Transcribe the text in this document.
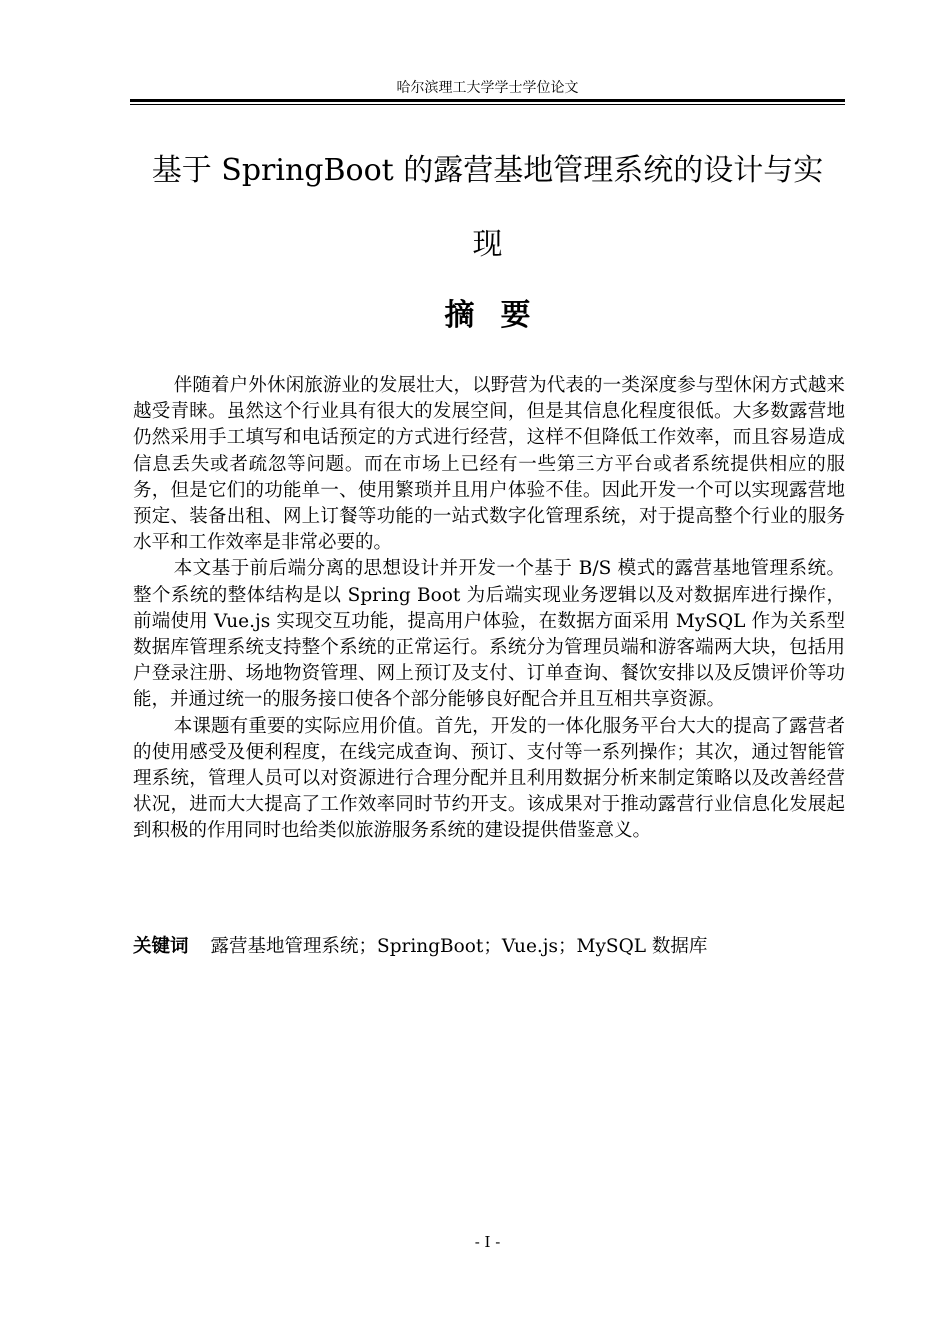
哈尔滨理工大学学士学位论文
基于 SpringBoot 的露营基地管理系统的设计与实
现
摘要

伴随着户外休闲旅游业的发展壮大，以野营为代表的一类深度参与型休闲方式越来越受青睐。虽然这个行业具有很大的发展空间，但是其信息化程度很低。大多数露营地仍然采用手工填写和电话预定的方式进行经营，这样不但降低工作效率，而且容易造成信息丢失或者疏忽等问题。而在市场上已经有一些第三方平台或者系统提供相应的服务，但是它们的功能单一、使用繁琐并且用户体验不佳。因此开发一个可以实现露营地预定、装备出租、网上订餐等功能的一站式数字化管理系统，对于提高整个行业的服务水平和工作效率是非常必要的。

本文基于前后端分离的思想设计并开发一个基于 B/S 模式的露营基地管理系统。整个系统的整体结构是以 Spring Boot 为后端实现业务逻辑以及对数据库进行操作，前端使用 Vue.js 实现交互功能，提高用户体验，在数据方面采用 MySQL 作为关系型数据库管理系统支持整个系统的正常运行。系统分为管理员端和游客端两大块，包括用户登录注册、场地物资管理、网上预订及支付、订单查询、餐饮安排以及反馈评价等功能，并通过统一的服务接口使各个部分能够良好配合并且互相共享资源。

本课题有重要的实际应用价值。首先，开发的一体化服务平台大大的提高了露营者的使用感受及便利程度，在线完成查询、预订、支付等一系列操作；其次，通过智能管理系统，管理人员可以对资源进行合理分配并且利用数据分析来制定策略以及改善经营状况，进而大大提高了工作效率同时节约开支。该成果对于推动露营行业信息化发展起到积极的作用同时也给类似旅游服务系统的建设提供借鉴意义。

关键词 露营基地管理系统；SpringBoot；Vue.js；MySQL 数据库
- I -
